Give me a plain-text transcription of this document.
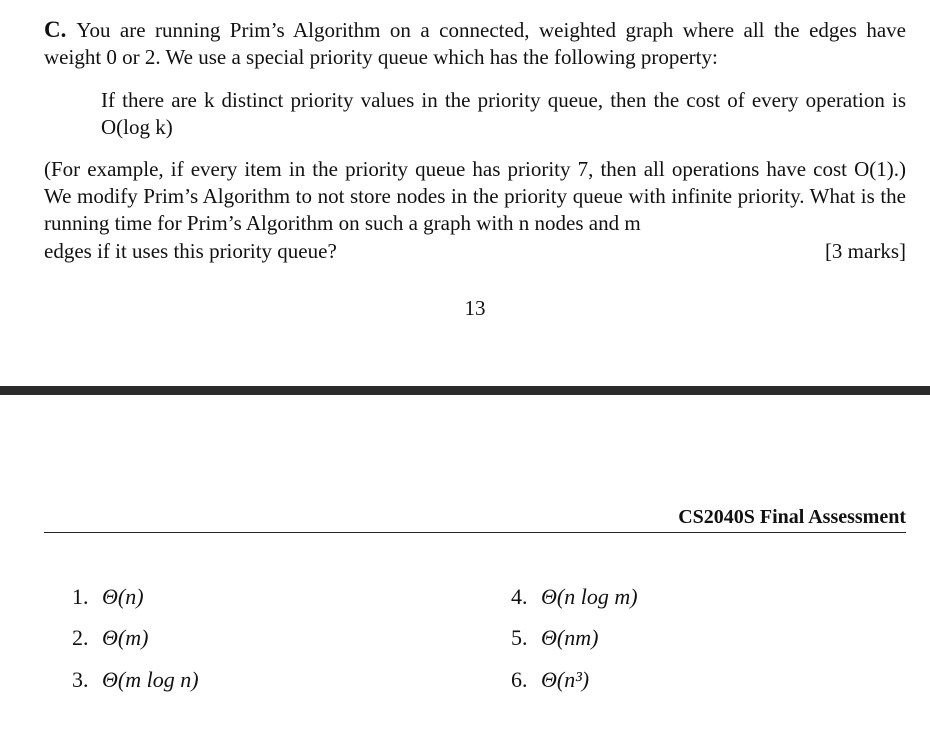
C. You are running Prim’s Algorithm on a connected, weighted graph where all the edges have weight 0 or 2. We use a special priority queue which has the following property:
If there are k distinct priority values in the priority queue, then the cost of every operation is O(log k)
(For example, if every item in the priority queue has priority 7, then all operations have cost O(1).) We modify Prim’s Algorithm to not store nodes in the priority queue with infinite priority. What is the running time for Prim’s Algorithm on such a graph with n nodes and m
edges if it uses this priority queue?	[3 marks]
13
CS2040S Final Assessment
1. Θ(n)
2. Θ(m)
3. Θ(m log n)
4. Θ(n log m)
5. Θ(nm)
6. Θ(n³)
